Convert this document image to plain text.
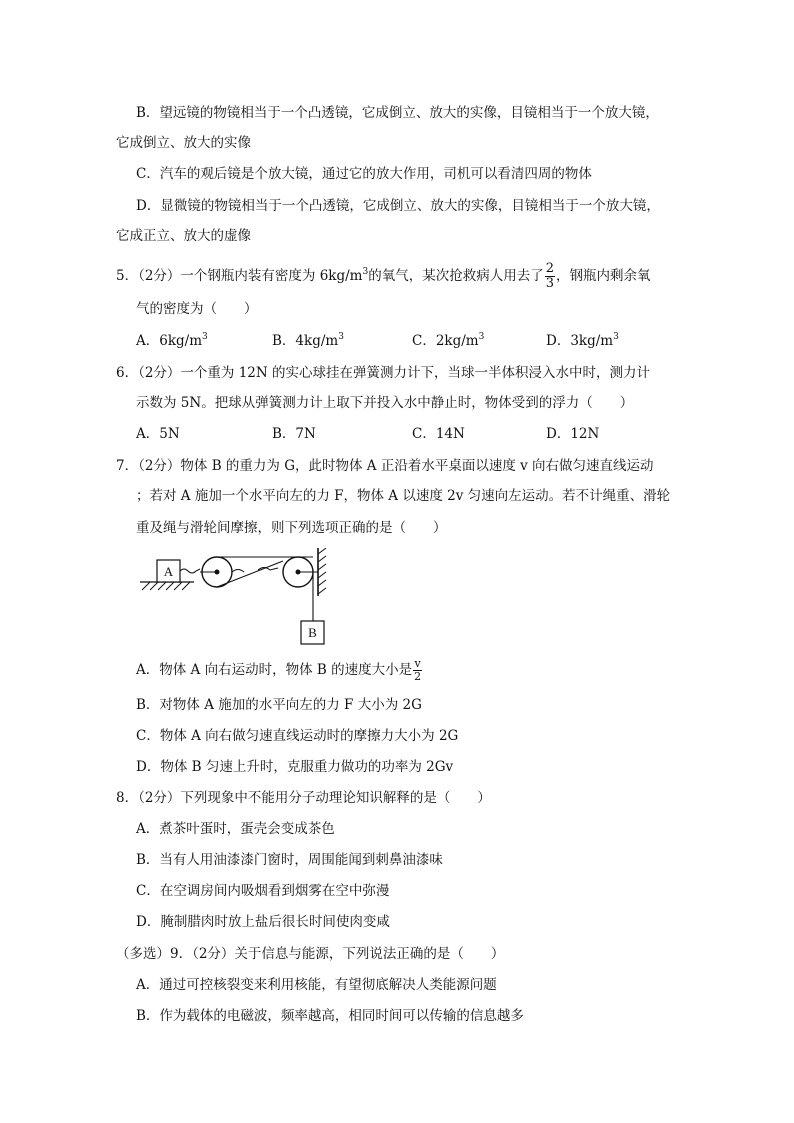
B．望远镜的物镜相当于一个凸透镜，它成倒立、放大的实像，目镜相当于一个放大镜，
它成倒立、放大的实像
C．汽车的观后镜是个放大镜，通过它的放大作用，司机可以看清四周的物体
D．显微镜的物镜相当于一个凸透镜，它成倒立、放大的实像，目镜相当于一个放大镜，
它成正立、放大的虚像
5．（2分）一个钢瓶内装有密度为 $6kg/m^3$的氧气，某次抢救病人用去了 $\frac{2}{3}$ ，钢瓶内剩余氧
气的密度为（　　）
A．$6kg/m^3$	B．$4kg/m^3$	C．$2kg/m^3$	D．$3kg/m^3$
6．（2分）一个重为 12N 的实心球挂在弹簧测力计下，当球一半体积浸入水中时，测力计
示数为 5N。把球从弹簧测力计上取下并投入水中静止时，物体受到的浮力（　　）
A．5N	B．7N	C．14N	D．12N
7．（2分）物体 B 的重力为 G，此时物体 A 正沿着水平桌面以速度 v 向右做匀速直线运动
；若对 A 施加一个水平向左的力 F，物体 A 以速度 2v 匀速向左运动。若不计绳重、滑轮
重及绳与滑轮间摩擦，则下列选项正确的是（　　）
A
B
A．物体 A 向右运动时，物体 B 的速度大小是 $\frac{v}{2}$
B．对物体 A 施加的水平向左的力 F 大小为 2G
C．物体 A 向右做匀速直线运动时的摩擦力大小为 2G
D．物体 B 匀速上升时，克服重力做功的功率为 2Gv
8．（2分）下列现象中不能用分子动理论知识解释的是（　　）
A．煮茶叶蛋时，蛋壳会变成茶色
B．当有人用油漆漆门窗时，周围能闻到刺鼻油漆味
C．在空调房间内吸烟看到烟雾在空中弥漫
D．腌制腊肉时放上盐后很长时间使肉变咸
（多选）9．（2分）关于信息与能源，下列说法正确的是（　　）
A．通过可控核裂变来利用核能，有望彻底解决人类能源问题
B．作为载体的电磁波，频率越高，相同时间可以传输的信息越多
